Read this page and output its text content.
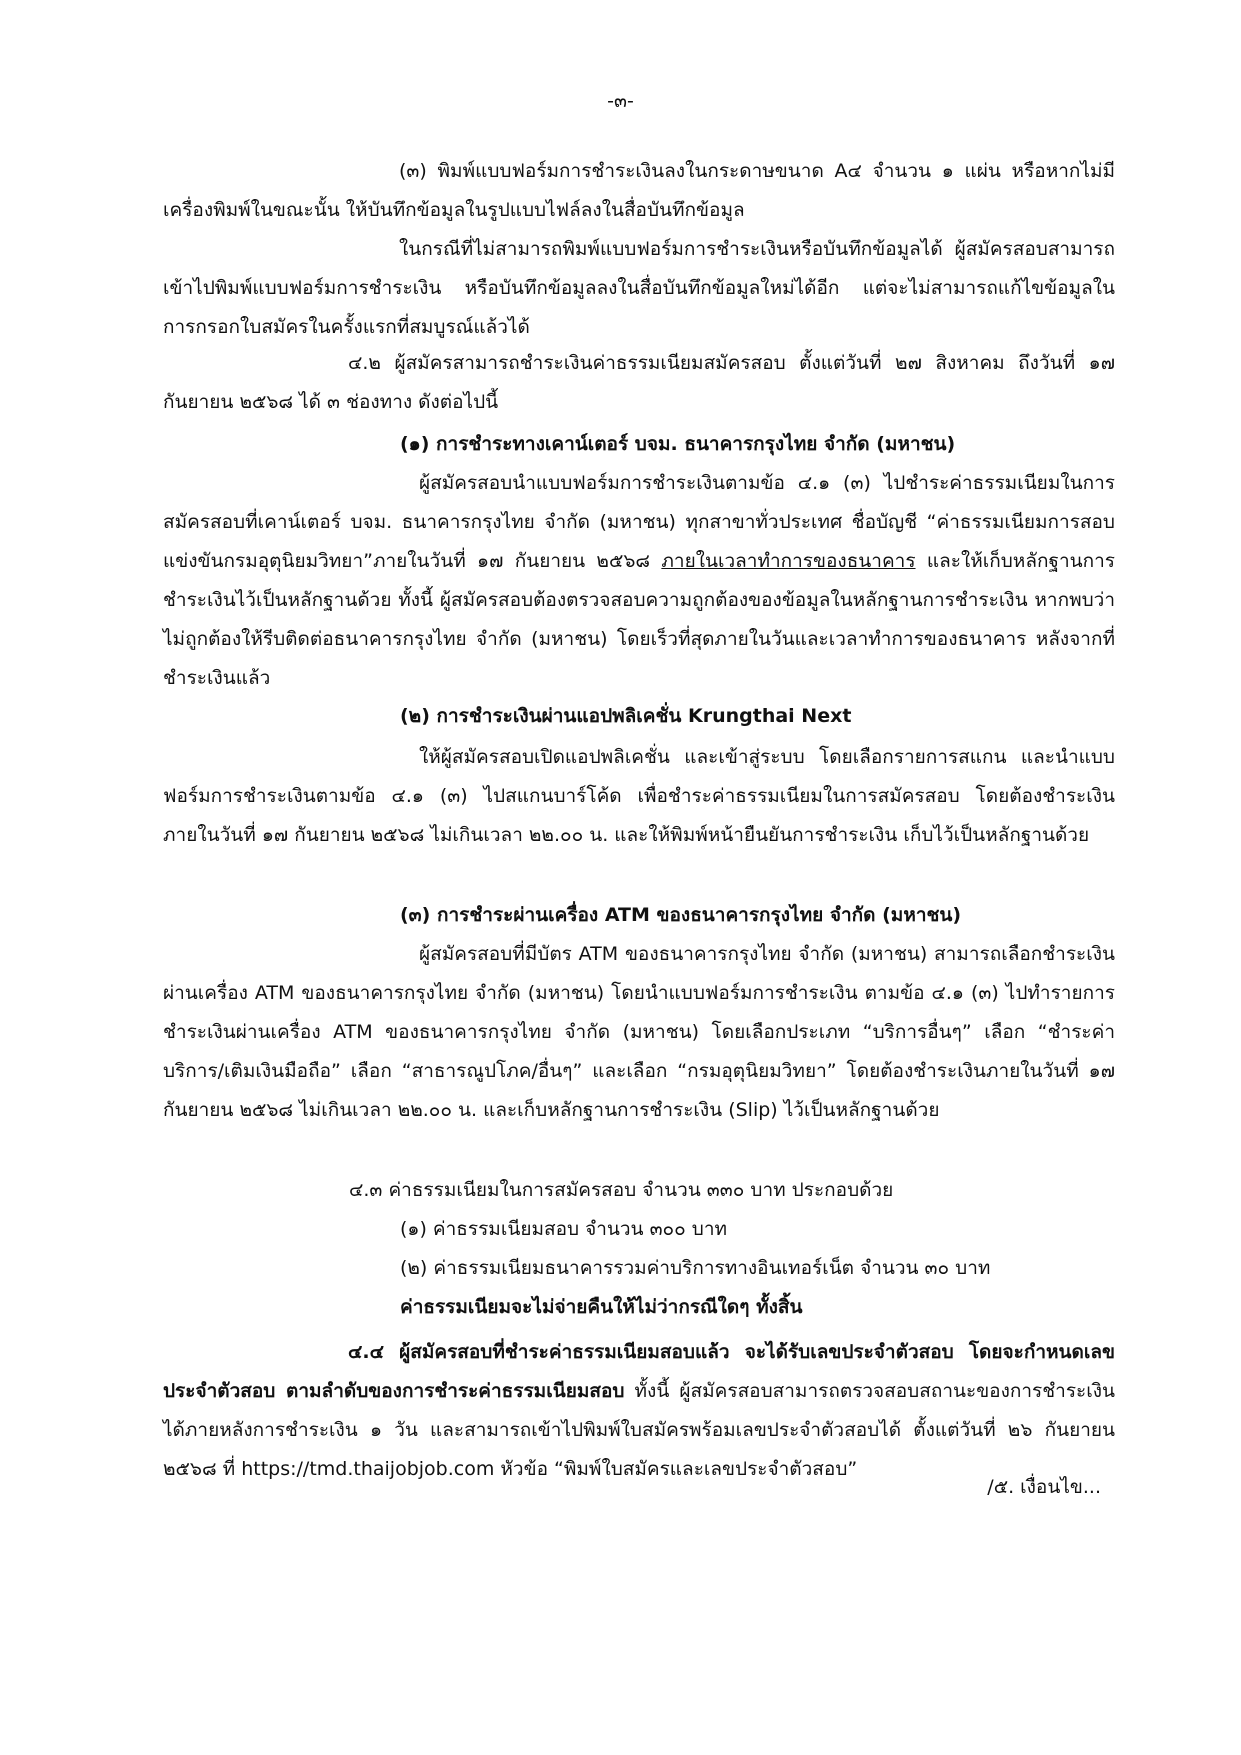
-๓-

(๓) พิมพ์แบบฟอร์มการชำระเงินลงในกระดาษขนาด A๔ จำนวน ๑ แผ่น หรือหากไม่มีเครื่องพิมพ์ในขณะนั้น ให้บันทึกข้อมูลในรูปแบบไฟล์ลงในสื่อบันทึกข้อมูล

ในกรณีที่ไม่สามารถพิมพ์แบบฟอร์มการชำระเงินหรือบันทึกข้อมูลได้ ผู้สมัครสอบสามารถเข้าไปพิมพ์แบบฟอร์มการชำระเงิน หรือบันทึกข้อมูลลงในสื่อบันทึกข้อมูลใหม่ได้อีก แต่จะไม่สามารถแก้ไขข้อมูลในการกรอกใบสมัครในครั้งแรกที่สมบูรณ์แล้วได้

๔.๒ ผู้สมัครสามารถชำระเงินค่าธรรมเนียมสมัครสอบ ตั้งแต่วันที่ ๒๗ สิงหาคม ถึงวันที่ ๑๗ กันยายน ๒๕๖๘ ได้ ๓ ช่องทาง ดังต่อไปนี้

(๑) การชำระทางเคาน์เตอร์ บจม. ธนาคารกรุงไทย จำกัด (มหาชน)

ผู้สมัครสอบนำแบบฟอร์มการชำระเงินตามข้อ ๔.๑ (๓) ไปชำระค่าธรรมเนียมในการสมัครสอบที่เคาน์เตอร์ บจม. ธนาคารกรุงไทย จำกัด (มหาชน) ทุกสาขาทั่วประเทศ ชื่อบัญชี “ค่าธรรมเนียมการสอบแข่งขันกรมอุตุนิยมวิทยา”ภายในวันที่ ๑๗ กันยายน ๒๕๖๘ ภายในเวลาทำการของธนาคาร และให้เก็บหลักฐานการชำระเงินไว้เป็นหลักฐานด้วย ทั้งนี้ ผู้สมัครสอบต้องตรวจสอบความถูกต้องของข้อมูลในหลักฐานการชำระเงิน หากพบว่าไม่ถูกต้องให้รีบติดต่อธนาคารกรุงไทย จำกัด (มหาชน) โดยเร็วที่สุดภายในวันและเวลาทำการของธนาคาร หลังจากที่ชำระเงินแล้ว

(๒) การชำระเงินผ่านแอปพลิเคชั่น Krungthai Next

ให้ผู้สมัครสอบเปิดแอปพลิเคชั่น และเข้าสู่ระบบ โดยเลือกรายการสแกน และนำแบบฟอร์มการชำระเงินตามข้อ ๔.๑ (๓) ไปสแกนบาร์โค้ด เพื่อชำระค่าธรรมเนียมในการสมัครสอบ โดยต้องชำระเงินภายในวันที่ ๑๗ กันยายน ๒๕๖๘ ไม่เกินเวลา ๒๒.๐๐ น. และให้พิมพ์หน้ายืนยันการชำระเงิน เก็บไว้เป็นหลักฐานด้วย

(๓) การชำระผ่านเครื่อง ATM ของธนาคารกรุงไทย จำกัด (มหาชน)

ผู้สมัครสอบที่มีบัตร ATM ของธนาคารกรุงไทย จำกัด (มหาชน) สามารถเลือกชำระเงินผ่านเครื่อง ATM ของธนาคารกรุงไทย จำกัด (มหาชน) โดยนำแบบฟอร์มการชำระเงิน ตามข้อ ๔.๑ (๓) ไปทำรายการชำระเงินผ่านเครื่อง ATM ของธนาคารกรุงไทย จำกัด (มหาชน) โดยเลือกประเภท “บริการอื่นๆ” เลือก “ชำระค่าบริการ/เติมเงินมือถือ” เลือก “สาธารณูปโภค/อื่นๆ” และเลือก “กรมอุตุนิยมวิทยา” โดยต้องชำระเงินภายในวันที่ ๑๗ กันยายน ๒๕๖๘ ไม่เกินเวลา ๒๒.๐๐ น. และเก็บหลักฐานการชำระเงิน (Slip) ไว้เป็นหลักฐานด้วย

๔.๓ ค่าธรรมเนียมในการสมัครสอบ จำนวน ๓๓๐ บาท ประกอบด้วย

(๑) ค่าธรรมเนียมสอบ จำนวน ๓๐๐ บาท

(๒) ค่าธรรมเนียมธนาคารรวมค่าบริการทางอินเทอร์เน็ต จำนวน ๓๐ บาท

ค่าธรรมเนียมจะไม่จ่ายคืนให้ไม่ว่ากรณีใดๆ ทั้งสิ้น

๔.๔ ผู้สมัครสอบที่ชำระค่าธรรมเนียมสอบแล้ว จะได้รับเลขประจำตัวสอบ โดยจะกำหนดเลขประจำตัวสอบ ตามลำดับของการชำระค่าธรรมเนียมสอบ ทั้งนี้ ผู้สมัครสอบสามารถตรวจสอบสถานะของการชำระเงินได้ภายหลังการชำระเงิน ๑ วัน และสามารถเข้าไปพิมพ์ใบสมัครพร้อมเลขประจำตัวสอบได้ ตั้งแต่วันที่ ๒๖ กันยายน ๒๕๖๘ ที่ https://tmd.thaijobjob.com หัวข้อ “พิมพ์ใบสมัครและเลขประจำตัวสอบ”

/๕. เงื่อนไข...
